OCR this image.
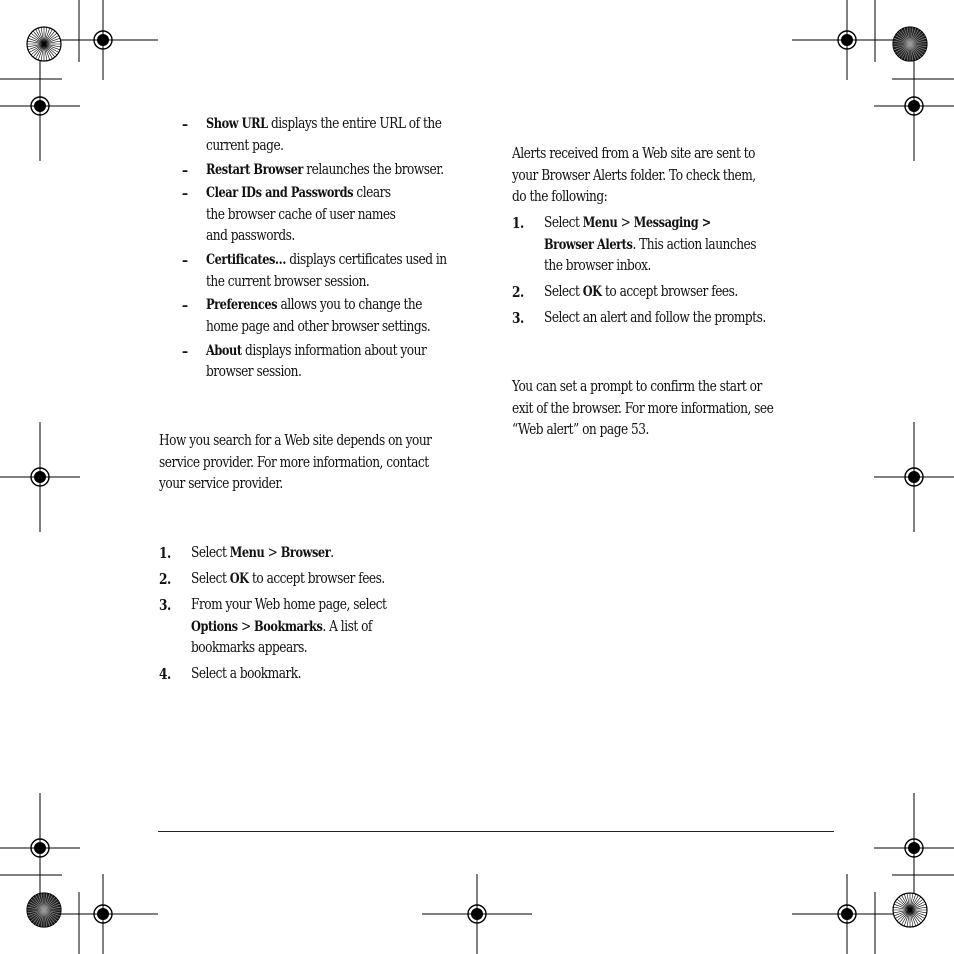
– Show URL displays the entire URL of the
current page.
– Restart Browser relaunches the browser.
– Clear IDs and Passwords clears
the browser cache of user names
and passwords.
– Certificates… displays certificates used in
the current browser session.
– Preferences allows you to change the
home page and other browser settings.
– About displays information about your
browser session.
How you search for a Web site depends on your
service provider. For more information, contact
your service provider.
1. Select Menu > Browser.
2. Select OK to accept browser fees.
3. From your Web home page, select
Options > Bookmarks. A list of
bookmarks appears.
4. Select a bookmark.
Alerts received from a Web site are sent to
your Browser Alerts folder. To check them,
do the following:
1. Select Menu > Messaging >
Browser Alerts. This action launches
the browser inbox.
2. Select OK to accept browser fees.
3. Select an alert and follow the prompts.
You can set a prompt to confirm the start or
exit of the browser. For more information, see
“Web alert” on page 53.
